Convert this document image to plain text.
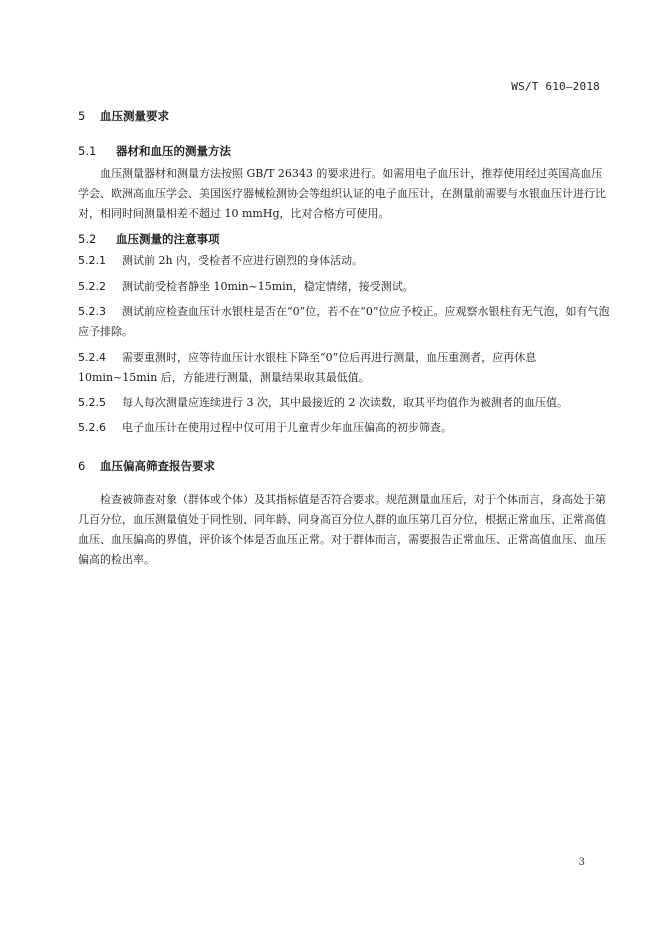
WS/T 610—2018
5 血压测量要求
5.1 器材和血压的测量方法
血压测量器材和测量方法按照 GB/T 26343 的要求进行。如需用电子血压计，推荐使用经过英国高血压学会、欧洲高血压学会、美国医疗器械检测协会等组织认证的电子血压计，在测量前需要与水银血压计进行比对，相同时间测量相差不超过 10 mmHg，比对合格方可使用。
5.2 血压测量的注意事项
5.2.1 测试前 2h 内，受检者不应进行剧烈的身体活动。
5.2.2 测试前受检者静坐 10min~15min，稳定情绪，接受测试。
5.2.3 测试前应检查血压计水银柱是否在“0”位，若不在“0”位应予校正。应观察水银柱有无气泡，如有气泡应予排除。
5.2.4 需要重测时，应等待血压计水银柱下降至“0”位后再进行测量，血压重测者，应再休息 10min~15min 后，方能进行测量，测量结果取其最低值。
5.2.5 每人每次测量应连续进行 3 次，其中最接近的 2 次读数，取其平均值作为被测者的血压值。
5.2.6 电子血压计在使用过程中仅可用于儿童青少年血压偏高的初步筛查。
6 血压偏高筛查报告要求
检查被筛查对象（群体或个体）及其指标值是否符合要求。规范测量血压后，对于个体而言，身高处于第几百分位，血压测量值处于同性别、同年龄、同身高百分位人群的血压第几百分位，根据正常血压、正常高值血压、血压偏高的界值，评价该个体是否血压正常。对于群体而言，需要报告正常血压、正常高值血压、血压偏高的检出率。
3
